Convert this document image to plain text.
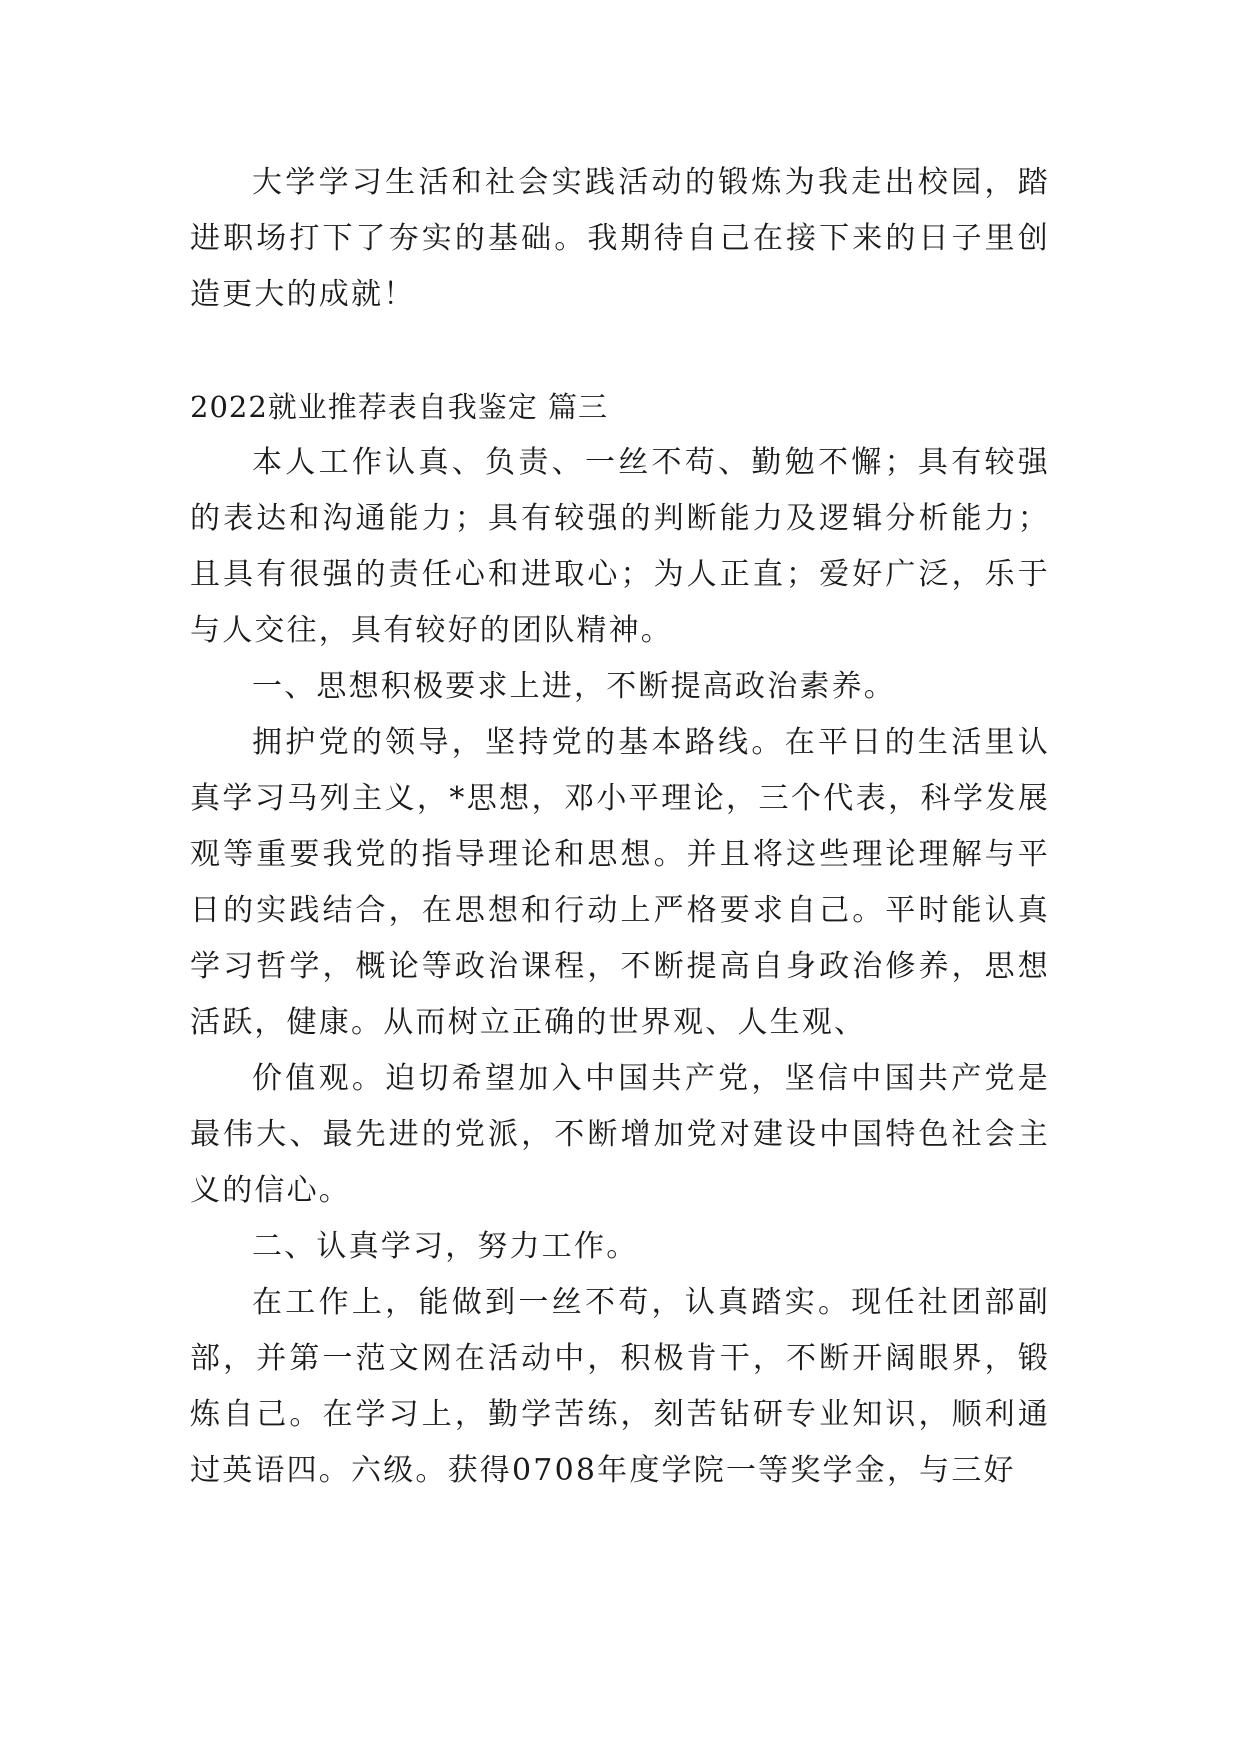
大学学习生活和社会实践活动的锻炼为我走出校园，踏进职场打下了夯实的基础。我期待自己在接下来的日子里创造更大的成就！

2022就业推荐表自我鉴定 篇三

本人工作认真、负责、一丝不苟、勤勉不懈；具有较强的表达和沟通能力；具有较强的判断能力及逻辑分析能力；且具有很强的责任心和进取心；为人正直；爱好广泛，乐于与人交往，具有较好的团队精神。

一、思想积极要求上进，不断提高政治素养。

拥护党的领导，坚持党的基本路线。在平日的生活里认真学习马列主义，*思想，邓小平理论，三个代表，科学发展观等重要我党的指导理论和思想。并且将这些理论理解与平日的实践结合，在思想和行动上严格要求自己。平时能认真学习哲学，概论等政治课程，不断提高自身政治修养，思想活跃，健康。从而树立正确的世界观、人生观、

价值观。迫切希望加入中国共产党，坚信中国共产党是最伟大、最先进的党派，不断增加党对建设中国特色社会主义的信心。

二、认真学习，努力工作。

在工作上，能做到一丝不苟，认真踏实。现任社团部副部，并第一范文网在活动中，积极肯干，不断开阔眼界，锻炼自己。在学习上，勤学苦练，刻苦钻研专业知识，顺利通过英语四。六级。获得0708年度学院一等奖学金，与三好
